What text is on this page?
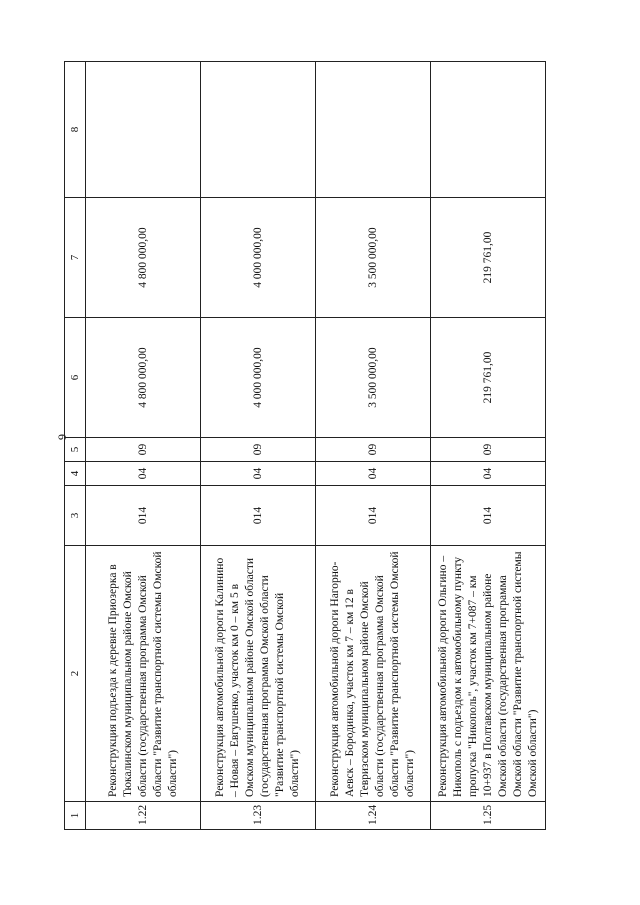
9
1	2	3	4	5	6	7	8
1.22	Реконструкция подъезда к деревне Приозерка в Тюкалинском муниципальном районе Омской области (государственная программа Омской области "Развитие транспортной системы Омской области")	014	04	09	4 800 000,00	4 800 000,00	
1.23	Реконструкция автомобильной дороги Калинино – Новая – Евгушенко, участок км 0 – км 5 в Омском муниципальном районе Омской области (государственная программа Омской области "Развитие транспортной системы Омской области")	014	04	09	4 000 000,00	4 000 000,00	
1.24	Реконструкция автомобильной дороги Нагорно-Аевск – Бородинка, участок км 7 – км 12 в Тевризском муниципальном районе Омской области (государственная программа Омской области "Развитие транспортной системы Омской области")	014	04	09	3 500 000,00	3 500 000,00	
1.25	Реконструкция автомобильной дороги Ольгино – Никополь с подъездом к автомобильному пункту пропуска "Никополь", участок км 7+087 – км 10+937 в Полтавском муниципальном районе Омской области (государственная программа Омской области "Развитие транспортной системы Омской области")	014	04	09	219 761,00	219 761,00	
